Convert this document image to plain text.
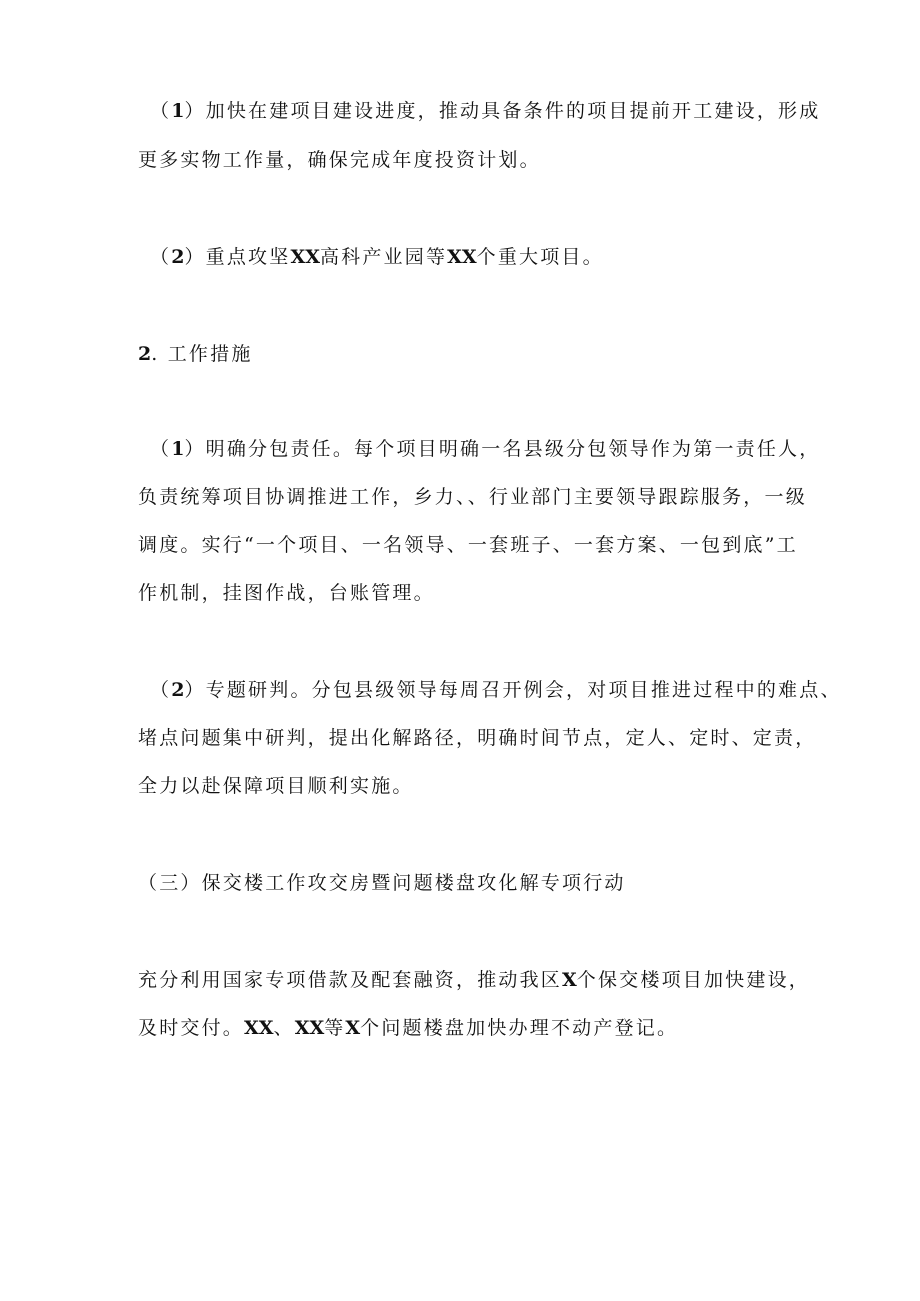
（1）加快在建项目建设进度，推动具备条件的项目提前开工建设，形成
更多实物工作量，确保完成年度投资计划。
（2）重点攻坚XX高科产业园等XX个重大项目。
2. 工作措施
（1）明确分包责任。每个项目明确一名县级分包领导作为第一责任人，
负责统筹项目协调推进工作，乡力、、行业部门主要领导跟踪服务，一级
调度。实行“一个项目、一名领导、一套班子、一套方案、一包到底”工
作机制，挂图作战，台账管理。
（2）专题研判。分包县级领导每周召开例会，对项目推进过程中的难点、
堵点问题集中研判，提出化解路径，明确时间节点，定人、定时、定责，
全力以赴保障项目顺利实施。
（三）保交楼工作攻交房暨问题楼盘攻化解专项行动
充分利用国家专项借款及配套融资，推动我区X个保交楼项目加快建设，
及时交付。XX、XX等X个问题楼盘加快办理不动产登记。
